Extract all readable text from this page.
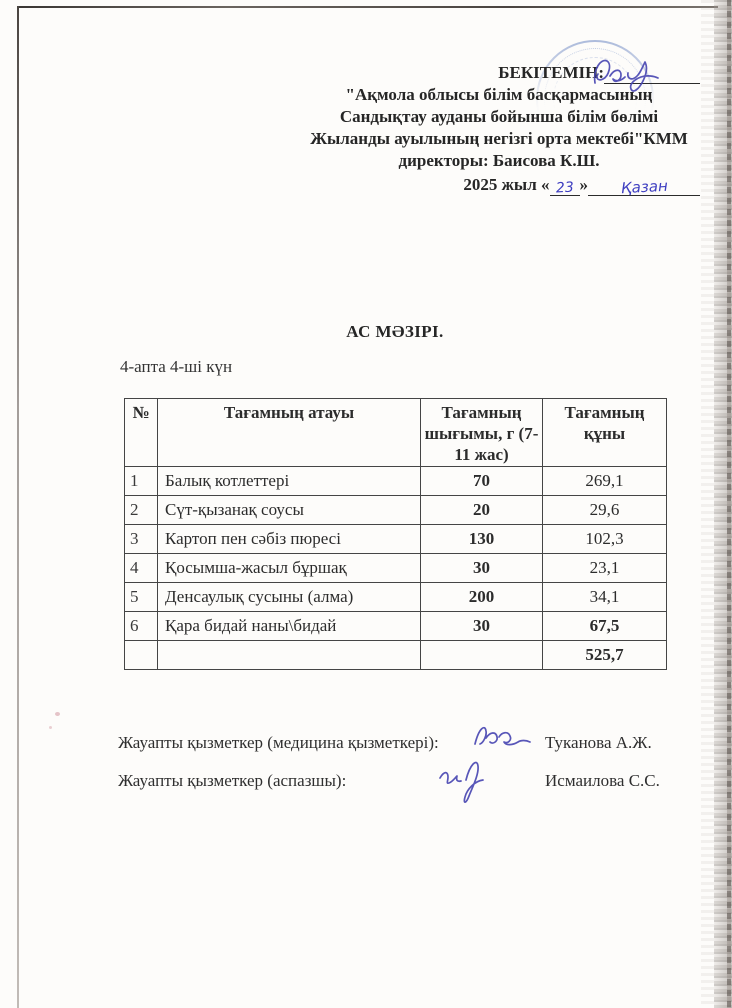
БЕКІТЕМІН:
"Ақмола облысы білім басқармасының
Сандықтау ауданы бойынша білім бөлімі
Жыланды ауылының негізгі орта мектебі"КММ
директоры: Баисова К.Ш.
2025 жыл « 23 »	Қазан
АС МӘЗІРІ.
4-апта 4-ші күн
№	Тағамның атауы	Тағамның шығымы, г (7-11 жас)	Тағамның құны
1	Балық котлеттері	70	269,1
2	Сүт-қызанақ соусы	20	29,6
3	Картоп пен сәбіз пюресі	130	102,3
4	Қосымша-жасыл бұршақ	30	23,1
5	Денсаулық сусыны (алма)	200	34,1
6	Қара бидай наны\бидай	30	67,5
			525,7
Жауапты қызметкер (медицина қызметкері):	Туканова А.Ж.
Жауапты қызметкер (аспазшы):	Исмаилова С.С.
